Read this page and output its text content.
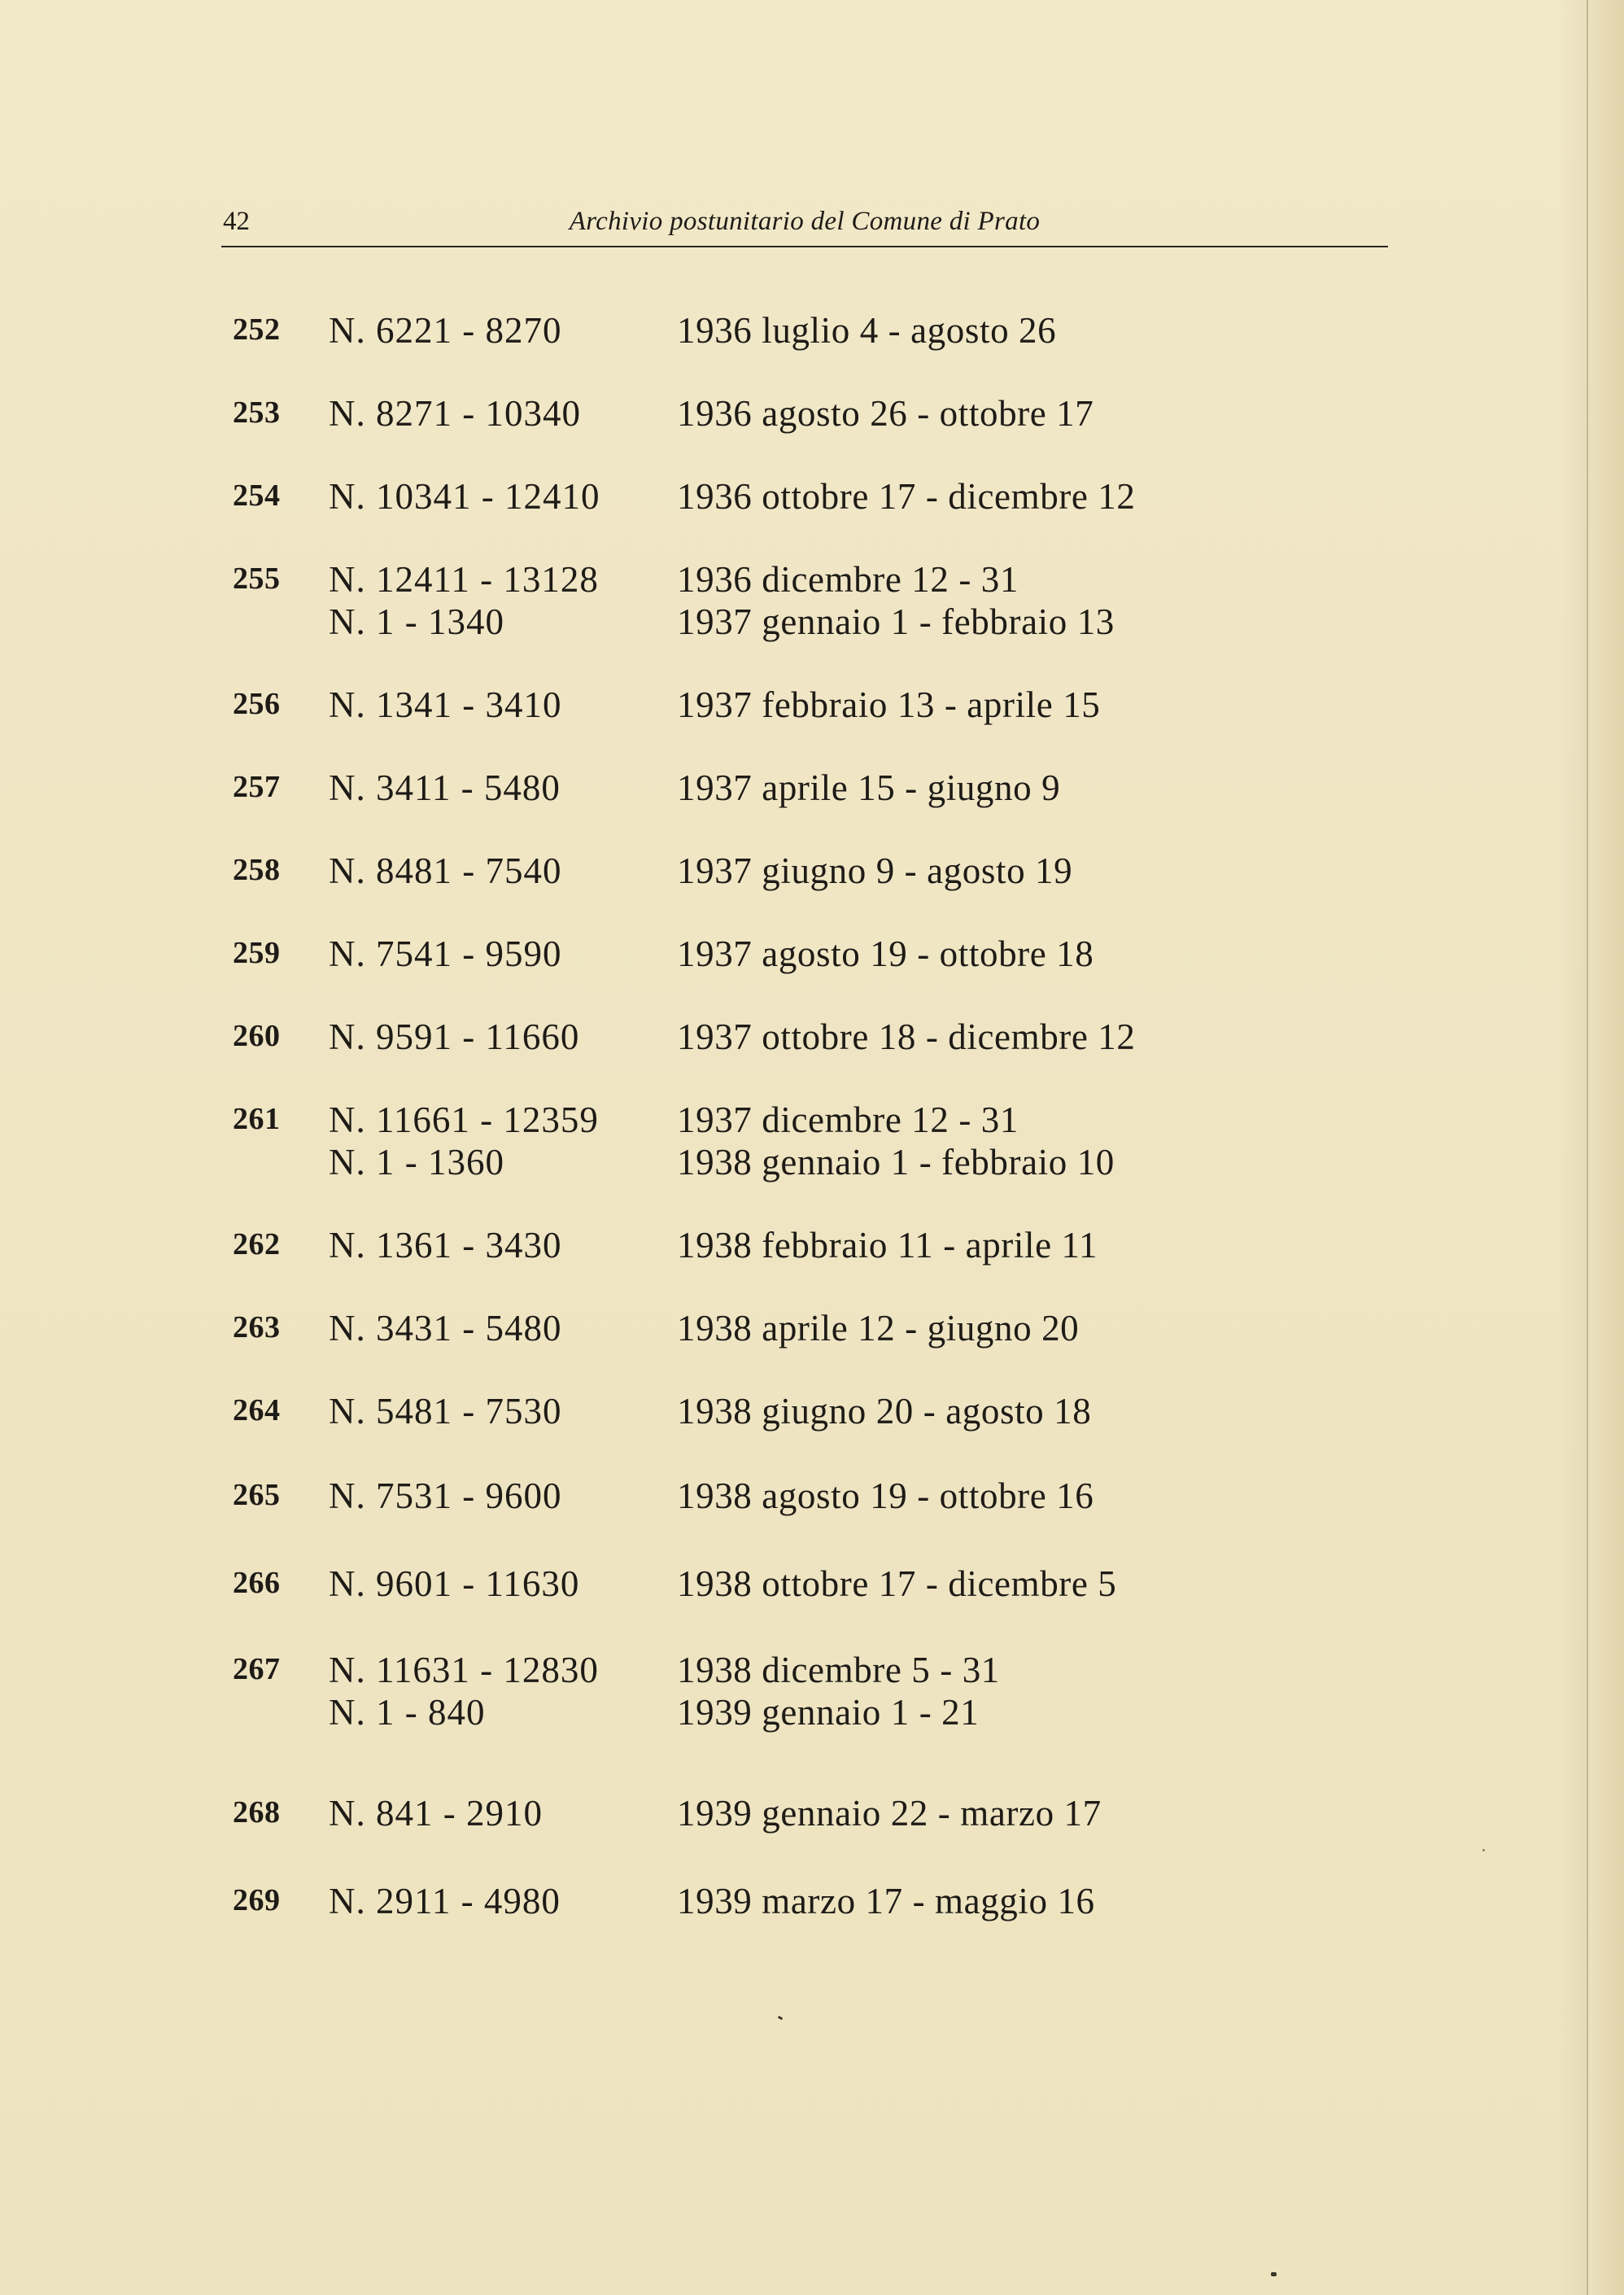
42	Archivio postunitario del Comune di Prato
252 N. 6221 - 8270	1936 luglio 4 - agosto 26
253 N. 8271 - 10340	1936 agosto 26 - ottobre 17
254 N. 10341 - 12410 1936 ottobre 17 - dicembre 12
255 N. 12411 - 13128 1936 dicembre 12 - 31
N. 1 - 1340	1937 gennaio 1 - febbraio 13
256 N. 1341 - 3410	1937 febbraio 13 - aprile 15
257 N. 3411 - 5480	1937 aprile 15 - giugno 9
258 N. 8481 - 7540	1937 giugno 9 - agosto 19
259 N. 7541 - 9590	1937 agosto 19 - ottobre 18
260 N. 9591 - 11660	1937 ottobre 18 - dicembre 12
261 N. 11661 - 12359 1937 dicembre 12 - 31
N. 1 - 1360	1938 gennaio 1 - febbraio 10
262 N. 1361 - 3430	1938 febbraio 11 - aprile 11
263 N. 3431 - 5480	1938 aprile 12 - giugno 20
264 N. 5481 - 7530	1938 giugno 20 - agosto 18
265 N. 7531 - 9600	1938 agosto 19 - ottobre 16
266 N. 9601 - 11630	1938 ottobre 17 - dicembre 5
267 N. 11631 - 12830 1938 dicembre 5 - 31
N. 1 - 840	1939 gennaio 1 - 21
268 N. 841 - 2910	1939 gennaio 22 - marzo 17
269 N. 2911 - 4980	1939 marzo 17 - maggio 16
